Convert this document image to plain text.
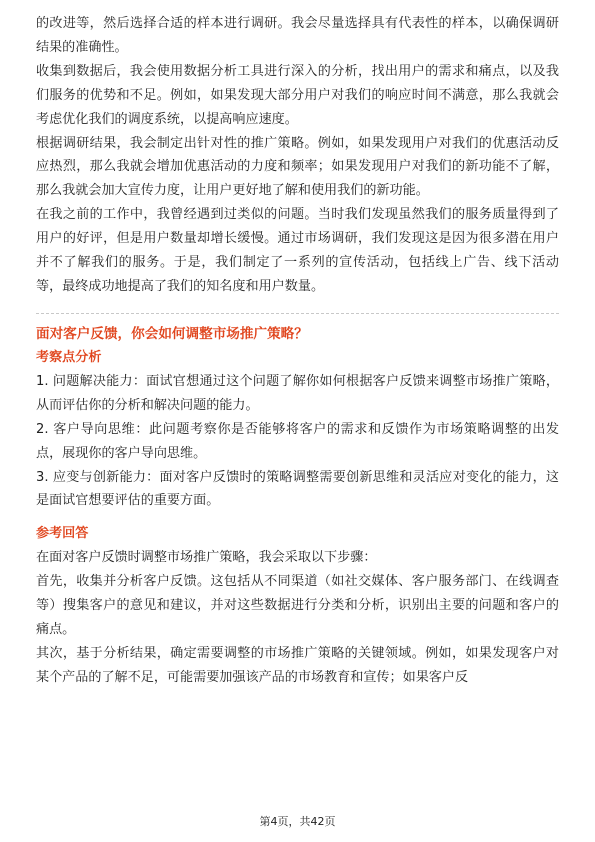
的改进等，然后选择合适的样本进行调研。我会尽量选择具有代表性的样本，以确保调研结果的准确性。

收集到数据后，我会使用数据分析工具进行深入的分析，找出用户的需求和痛点，以及我们服务的优势和不足。例如，如果发现大部分用户对我们的响应时间不满意，那么我就会考虑优化我们的调度系统，以提高响应速度。

根据调研结果，我会制定出针对性的推广策略。例如，如果发现用户对我们的优惠活动反应热烈，那么我就会增加优惠活动的力度和频率；如果发现用户对我们的新功能不了解，那么我就会加大宣传力度，让用户更好地了解和使用我们的新功能。

在我之前的工作中，我曾经遇到过类似的问题。当时我们发现虽然我们的服务质量得到了用户的好评，但是用户数量却增长缓慢。通过市场调研，我们发现这是因为很多潜在用户并不了解我们的服务。于是，我们制定了一系列的宣传活动，包括线上广告、线下活动等，最终成功地提高了我们的知名度和用户数量。

面对客户反馈，你会如何调整市场推广策略？
考察点分析

1. 问题解决能力：面试官想通过这个问题了解你如何根据客户反馈来调整市场推广策略，从而评估你的分析和解决问题的能力。

2. 客户导向思维：此问题考察你是否能够将客户的需求和反馈作为市场策略调整的出发点，展现你的客户导向思维。

3. 应变与创新能力：面对客户反馈时的策略调整需要创新思维和灵活应对变化的能力，这是面试官想要评估的重要方面。

参考回答

在面对客户反馈时调整市场推广策略，我会采取以下步骤：

首先，收集并分析客户反馈。这包括从不同渠道（如社交媒体、客户服务部门、在线调查等）搜集客户的意见和建议，并对这些数据进行分类和分析，识别出主要的问题和客户的痛点。

其次，基于分析结果，确定需要调整的市场推广策略的关键领域。例如，如果发现客户对某个产品的了解不足，可能需要加强该产品的市场教育和宣传；如果客户反

第4页，共42页
